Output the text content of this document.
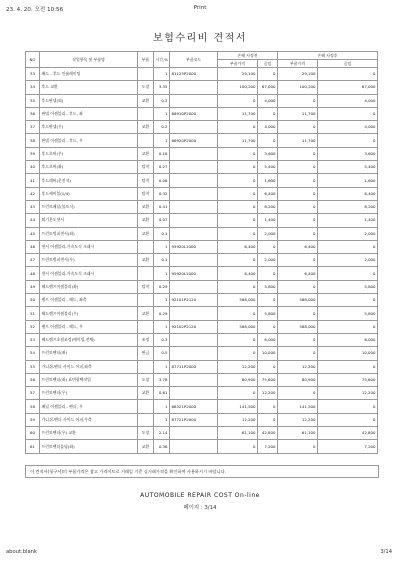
23. 4. 20. 오전 10:56	Print
보험수리비 견적서
NO	작업항목 및 부품명	부품	시간,%	부품코드	손해 사정전		손해 사정후	
					부품가격	공임	부품가격	공임
33	패드 - 후드 인슐레이팅		1	81125P2000	29,100	0	29,100	0
34	후드 교환	도장	3.35		100,200	67,000	100,200	67,000
35	후드판넬(외)	교환	0.2		0	4,000	0	4,000
36	판넬 어셈블리 - 후드, 좌		1	66910P2000	11,700	0	11,700	0
37	후드판넬(우)	교환	0.2		0	4,000	0	4,000
38	판넬 어셈블리 - 후드, 우		1	66920P2000	11,700	0	11,700	0
39	후드오버(우)	교환	0.18		0	3,600	0	3,600
40	후드오버(좌)	탈착	0.27		0	5,400	0	5,400
41	후드레버(운전석)	탈착	0.08		0	1,600	0	1,600
42	후드케이블(1/4)	탈착	0.32		0	6,400	0	6,400
43	프런트패널(볼트식)	교환	0.41		0	8,200	0	8,200
44	외기온도센서	교환	0.07		0	1,400	0	1,400
45	프런트범퍼센서(좌)	교환	0.1		0	2,000	0	2,000
46	센서 어셈블리-가속도식 크래시		1	95920L1000	6,400	0	6,400	0
47	프런트범퍼센서(우)	교환	0.1		0	2,000	0	2,000
48	센서 어셈블리-가속도식 크래시		1	95920L1000	6,400	0	6,400	0
49	헤드램프어셈블리(좌)	탈착	0.29		0	5,800	0	5,800
50	램프 어셈블리 - 헤드, 좌측		1	92101P2120	588,000	0	588,000	0
51	헤드램프어셈블리(우)	교환	0.29		0	5,800	0	5,800
52	램프 어셈블리 - 헤드, 우		1	92102P2120	588,000	0	588,000	0
53	헤드램프초점조정(에이밍,전체)	조정	0.3		0	6,000	0	6,000
54	프런트펜더(좌)	판금	0.5		0	10,000	0	10,000
55	가니쉬-펜더 사이드 어퍼,좌측		1	87711P2000	12,200	0	12,200	0
56	프런트펜더(좌) 표면광택작업	도장	3.78		80,900	75,600	80,900	75,600
57	프런트펜더(우)	교환	0.61		0	12,200	0	12,200
58	패널 어셈블리 - 펜더, 우		1	66321P2000	141,500	0	141,500	0
59	가니쉬-펜더 사이드 어퍼,우측		1	87721P2000	12,200	0	12,200	0
60	프런트펜더(우) 교환	도장	2.14		61,100	42,800	61,100	42,800
61	프런트펜더몰딩(좌)	교환	0.36		0	7,200	0	7,200
이 견적서(청구서)의 부품가격은 참고 가격이므로 거래일 기준 실거래가격을 확인하여 사용하시기 바랍니다.
AUTOMOBILE REPAIR COST On-line
페이지 : 3/14
about:blank	3/14
